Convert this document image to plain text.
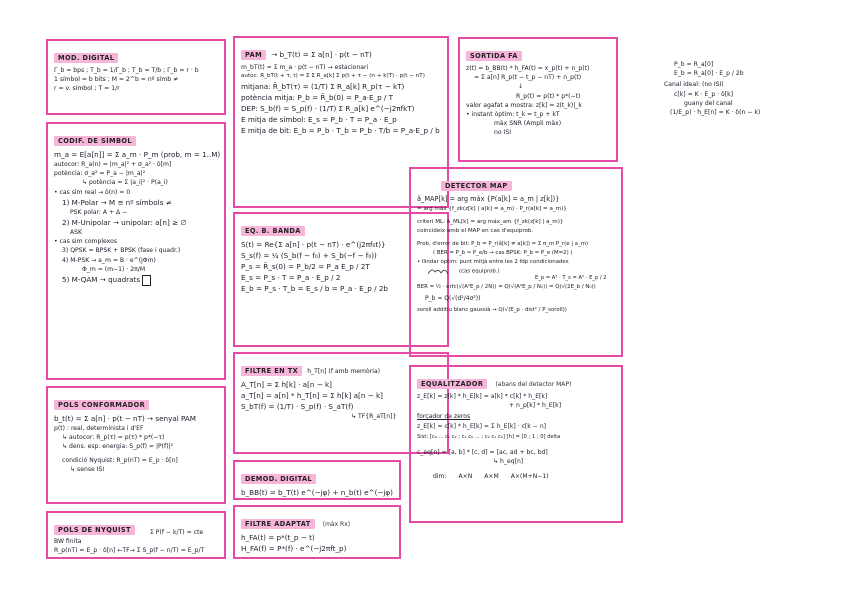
MOD. DIGITAL
Γ_b = bps ; T_b = 1/Γ_b ; T_b = T/b ; Γ_b = r · b
1 símbol = b bits ; M = 2^b = nº símb ≠
r = v. símbol ; T = 1/r
CODIF. DE SÍMBOL
m_a = E[a[n]] = Σ a_m · P_m (prob, m = 1..M)
autocor: R_a(n) = |m_a|² + σ_a² · δ[m]
potència: σ_a² = P_a − |m_a|²
↳ potència = Σ |a_i|² · P(a_i)
• cas sim real → δ(n) = 0
1) M-Polar → M ≡ nº símbols ≠
PSK polar: A + Δ −
2) M-Unipolar → unipolar: a[n] ≥ ∅
ASK
• cas sim complexos
3) QPSK = BPSK + BPSK (fase i quadr.)
4) M-PSK → a_m = B · e^(jΦm)
Φ_m = (m−1) · 2π/M
5) M-QAM → quadrats
POLS CONFORMADOR
b_t(t) = Σ a[n] · p(t − nT) → senyal PAM
p(t) : real, determinista i d'EF
↳ autocor: R_p(τ) = p(τ) * p*(−τ)
↳ dens. esp. energia: S_p(f) = |P(f)|²
condició Nyquist: R_p(nT) = E_p · δ[n]
↳ sense ISI
POLS DE NYQUIST	Σ P(f − k/T) = cte
BW finita
R_p(nT) = E_p · δ[n] ←TF→ Σ S_p(f − n/T) = E_p/T
PAM → b_T(t) = Σ a[n] · p(t − nT)
m_bT(t) = Σ m_a · p(t − nT) → estacionari
autoc. R_bT(t + τ, t) = Σ Σ R_a[k] Σ p(t + τ − (n + k)T) · p(t − nT)
mitjana: R̄_bT(τ) = (1/T) Σ R_a[k] R_p(τ − kT)
potència mitja: P_b = R̄_b(0) = P_a·E_p / T
DEP: S_b(f) = S_p(f) · (1/T) Σ R_a[k] e^(−j2πfkT)
E mitja de símbol: E_s = P_b · T = P_a · E_p
E mitja de bit: E_b = P_b · T_b = P_b · T/b = P_a·E_p / b
EQ. B. BANDA
S(t) = Re{Σ a[n] · p(t − nT) · e^(j2πf₀t)}
S_s(f) = ¼ (S_b(f − f₀) + S_b(−f − f₀))
P_s = R̄_s(0) = P_b/2 = P_a E_p / 2T
E_s = P_s · T = P_a · E_p / 2
E_b = P_s · T_b = E_s / b = P_a · E_p / 2b
FILTRE EN TX h_T[n] (f amb memòria)
A_T[n] = Σ h[k] · a[n − k]
a_T[n] = a[n] * h_T[n] = Σ h[k] a[n − k]
S_bT(f) = (1/T) · S_p(f) · S_aT(f)
↳ TF{R_aT[n]}
DEMOD. DIGITAL
b_BB(t) = b_T(t) e^(−jφ) + n_b(t) e^(−jφ)
FILTRE ADAPTAT (màx Rx)
h_FA(t) = p*(t_p − t)
H_FA(f) = P*(f) · e^(−j2πft_p)
SORTIDA FA
z(t) = b_BB(t) * h_FA(t) = x_p(t) + n_p(t)
= Σ a[n] R_p(t − t_p − nT) + n_p(t)
↓
R_p(t) = p(t) * p*(−t)
valor agafat a mostra: z[k] = z(t_k)|_k
• instant òptim: t_k = t_p + kT
màx SNR (Ampli màx)
no ISI
DETECTOR MAP
â_MAP[k] = arg máx {P(a[k] = a_m | z[k])}
= arg máx {f_zk(z[k] | a[k] = a_m) · P_r(a[k] = a_m)}
criteri ML: â_ML[k] = arg máx_am {f_zk(z[k] | a_m)}
coincideix amb el MAP en cas d'equiprob.
Prob. d'error de bit: P_b = P_r(â[k] ≠ a[k]) = Σ π_m P_r(e | a_m)
( BER = P_b ≈ P_e/b → cas BPSK: P_b = P_e (M=2) )
• llindar òptim: punt mitjà entre les 2 fdp condicionades
(cas equiprob.)
E_p = A² · T_s = A² · E_p / 2
BER = ½ · erfc(√(A²E_p / 2N)) = Q(√(A²E_p / N₀)) = Q(√(2E_b / N₀))
P_b ≈ Q(√(d²/4σ²))
soroll additiu blanc gaussià → Q(√(E_p · dist² / P_soroll))
EQUALITZADOR (abans del detector MAP)
z_E[k] = z[k] * h_E[k] = a[k] * c[k] * h_E[k]
+ n_p[k] * h_E[k]
forçador de zeros
z_E[k] = c[k] * h_E[k] = Σ h_E[k] · c[k − n]
Sist: [c₀ ... c₁ c₂ ; c₁ c₀ ... ; c₂ c₁ c₀] [h] = [0 ; 1 ; 0] delta
c_eq[n] = [a, b] * [c, d] = [ac, ad + bc, bd]
↳ h_eq[n]
dim: A×N A×M A×(M+N−1)
P_b = R_a[0]
E_b = R_a[0] · E_p / 2b
Canal ideal: (no ISI)
c[k] = K · E_p · δ[k]
guany del canal
(1/E_p) · h_E[n] = K · δ(n − k)
